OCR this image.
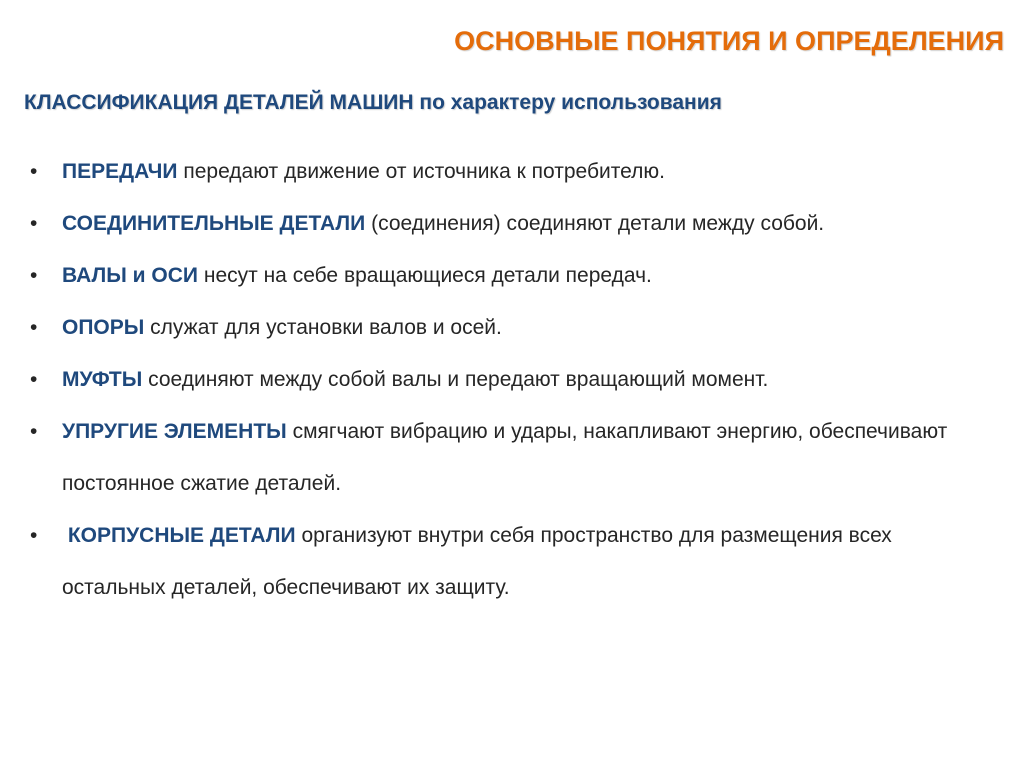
ОСНОВНЫЕ ПОНЯТИЯ И ОПРЕДЕЛЕНИЯ
КЛАССИФИКАЦИЯ ДЕТАЛЕЙ МАШИН по характеру использования
• ПЕРЕДАЧИ передают движение от источника к потребителю.
• СОЕДИНИТЕЛЬНЫЕ ДЕТАЛИ (соединения) соединяют детали между собой.
• ВАЛЫ и ОСИ несут на себе вращающиеся детали передач.
• ОПОРЫ служат для установки валов и осей.
• МУФТЫ соединяют между собой валы и передают вращающий момент.
• УПРУГИЕ ЭЛЕМЕНТЫ смягчают вибрацию и удары, накапливают энергию, обеспечивают постоянное сжатие деталей.
• КОРПУСНЫЕ ДЕТАЛИ организуют внутри себя пространство для размещения всех остальных деталей, обеспечивают их защиту.
